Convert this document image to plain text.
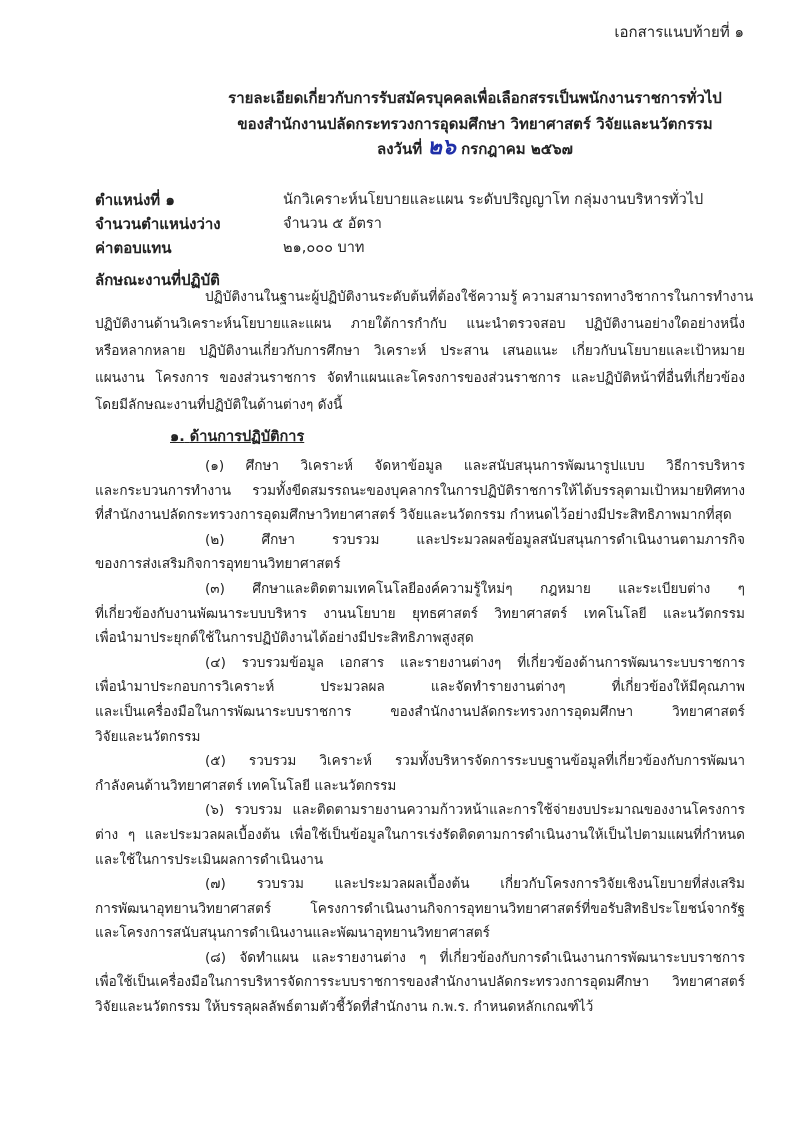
เอกสารแนบท้ายที่ ๑
รายละเอียดเกี่ยวกับการรับสมัครบุคคลเพื่อเลือกสรรเป็นพนักงานราชการทั่วไป
ของสำนักงานปลัดกระทรวงการอุดมศึกษา วิทยาศาสตร์ วิจัยและนวัตกรรม
ลงวันที่ ๒๖ กรกฎาคม ๒๕๖๗
ตำแหน่งที่ ๑	นักวิเคราะห์นโยบายและแผน ระดับปริญญาโท กลุ่มงานบริหารทั่วไป
จำนวนตำแหน่งว่าง	จำนวน ๕ อัตรา
ค่าตอบแทน	๒๑,๐๐๐ บาท
ลักษณะงานที่ปฏิบัติ
ปฏิบัติงานในฐานะผู้ปฏิบัติงานระดับต้นที่ต้องใช้ความรู้ ความสามารถทางวิชาการในการทำงาน
ปฏิบัติงานด้านวิเคราะห์นโยบายและแผน ภายใต้การกำกับ แนะนำตรวจสอบ ปฏิบัติงานอย่างใดอย่างหนึ่ง
หรือหลากหลาย ปฏิบัติงานเกี่ยวกับการศึกษา วิเคราะห์ ประสาน เสนอแนะ เกี่ยวกับนโยบายและเป้าหมาย
แผนงาน โครงการ ของส่วนราชการ จัดทำแผนและโครงการของส่วนราชการ และปฏิบัติหน้าที่อื่นที่เกี่ยวข้อง
โดยมีลักษณะงานที่ปฏิบัติในด้านต่างๆ ดังนี้
๑. ด้านการปฏิบัติการ
(๑) ศึกษา วิเคราะห์ จัดหาข้อมูล และสนับสนุนการพัฒนารูปแบบ วิธีการบริหาร
และกระบวนการทำงาน รวมทั้งขีดสมรรถนะของบุคลากรในการปฏิบัติราชการให้ได้บรรลุตามเป้าหมายทิศทาง
ที่สำนักงานปลัดกระทรวงการอุดมศึกษาวิทยาศาสตร์ วิจัยและนวัตกรรม กำหนดไว้อย่างมีประสิทธิภาพมากที่สุด
(๒) ศึกษา รวบรวม และประมวลผลข้อมูลสนับสนุนการดำเนินงานตามภารกิจ
ของการส่งเสริมกิจการอุทยานวิทยาศาสตร์
(๓) ศึกษาและติดตามเทคโนโลยีองค์ความรู้ใหม่ๆ กฎหมาย และระเบียบต่าง ๆ
ที่เกี่ยวข้องกับงานพัฒนาระบบบริหาร งานนโยบาย ยุทธศาสตร์ วิทยาศาสตร์ เทคโนโลยี และนวัตกรรม
เพื่อนำมาประยุกต์ใช้ในการปฏิบัติงานได้อย่างมีประสิทธิภาพสูงสุด
(๔) รวบรวมข้อมูล เอกสาร และรายงานต่างๆ ที่เกี่ยวข้องด้านการพัฒนาระบบราชการ
เพื่อนำมาประกอบการวิเคราะห์ ประมวลผล และจัดทำรายงานต่างๆ ที่เกี่ยวข้องให้มีคุณภาพ
และเป็นเครื่องมือในการพัฒนาระบบราชการ ของสำนักงานปลัดกระทรวงการอุดมศึกษา วิทยาศาสตร์
วิจัยและนวัตกรรม
(๕) รวบรวม วิเคราะห์ รวมทั้งบริหารจัดการระบบฐานข้อมูลที่เกี่ยวข้องกับการพัฒนา
กำลังคนด้านวิทยาศาสตร์ เทคโนโลยี และนวัตกรรม
(๖) รวบรวม และติดตามรายงานความก้าวหน้าและการใช้จ่ายงบประมาณของงานโครงการ
ต่าง ๆ และประมวลผลเบื้องต้น เพื่อใช้เป็นข้อมูลในการเร่งรัดติดตามการดำเนินงานให้เป็นไปตามแผนที่กำหนด
และใช้ในการประเมินผลการดำเนินงาน
(๗) รวบรวม และประมวลผลเบื้องต้น เกี่ยวกับโครงการวิจัยเชิงนโยบายที่ส่งเสริม
การพัฒนาอุทยานวิทยาศาสตร์ โครงการดำเนินงานกิจการอุทยานวิทยาศาสตร์ที่ขอรับสิทธิประโยชน์จากรัฐ
และโครงการสนับสนุนการดำเนินงานและพัฒนาอุทยานวิทยาศาสตร์
(๘) จัดทำแผน และรายงานต่าง ๆ ที่เกี่ยวข้องกับการดำเนินงานการพัฒนาระบบราชการ
เพื่อใช้เป็นเครื่องมือในการบริหารจัดการระบบราชการของสำนักงานปลัดกระทรวงการอุดมศึกษา วิทยาศาสตร์
วิจัยและนวัตกรรม ให้บรรลุผลลัพธ์ตามตัวชี้วัดที่สำนักงาน ก.พ.ร. กำหนดหลักเกณฑ์ไว้
